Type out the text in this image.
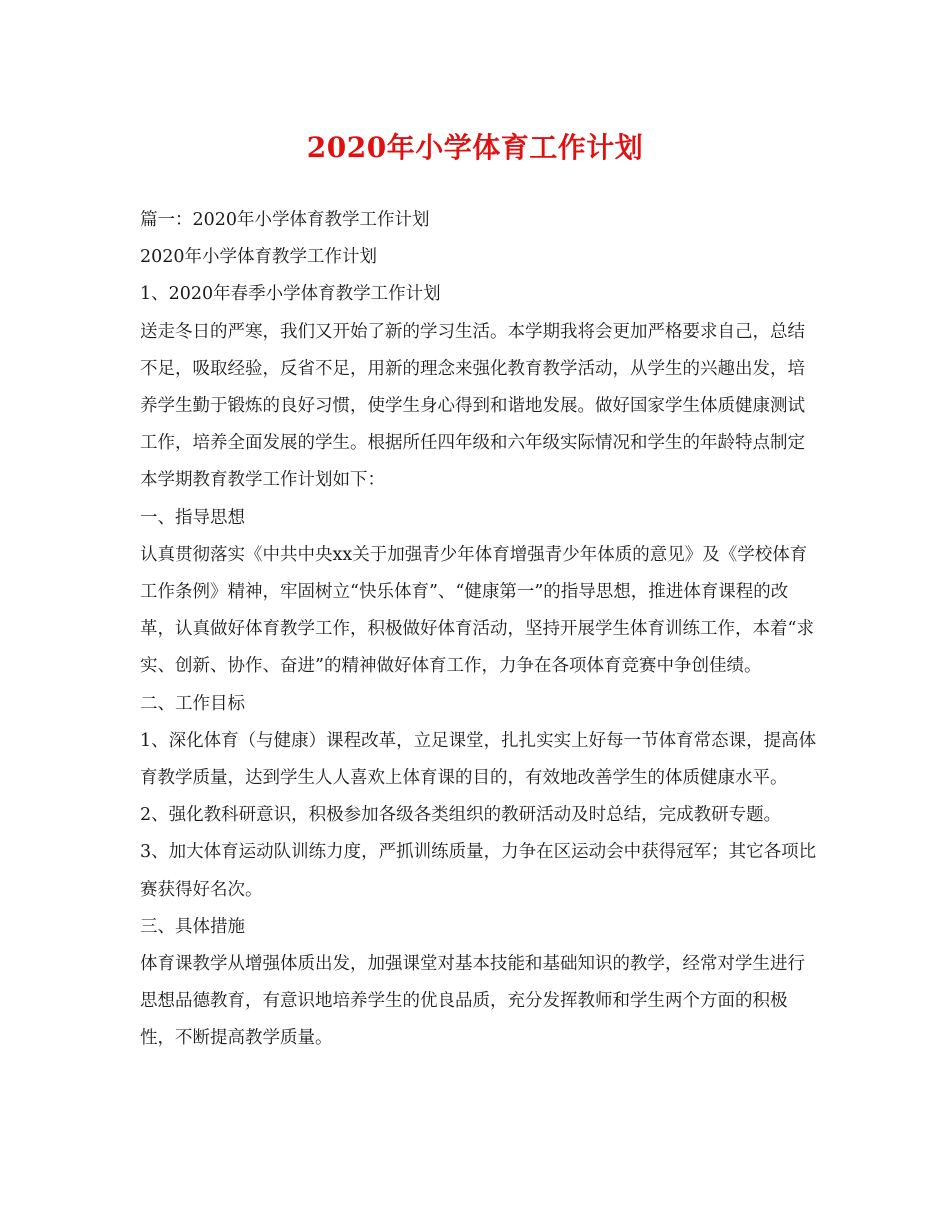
2020年小学体育工作计划

篇一：2020年小学体育教学工作计划

2020年小学体育教学工作计划

1、2020年春季小学体育教学工作计划

送走冬日的严寒，我们又开始了新的学习生活。本学期我将会更加严格要求自己，总结不足，吸取经验，反省不足，用新的理念来强化教育教学活动，从学生的兴趣出发，培养学生勤于锻炼的良好习惯，使学生身心得到和谐地发展。做好国家学生体质健康测试工作，培养全面发展的学生。根据所任四年级和六年级实际情况和学生的年龄特点制定本学期教育教学工作计划如下：

一、指导思想

认真贯彻落实《中共中央xx关于加强青少年体育增强青少年体质的意见》及《学校体育工作条例》精神，牢固树立“快乐体育”、“健康第一”的指导思想，推进体育课程的改革，认真做好体育教学工作，积极做好体育活动，坚持开展学生体育训练工作，本着“求实、创新、协作、奋进”的精神做好体育工作，力争在各项体育竞赛中争创佳绩。

二、工作目标

1、深化体育（与健康）课程改革，立足课堂，扎扎实实上好每一节体育常态课，提高体育教学质量，达到学生人人喜欢上体育课的目的，有效地改善学生的体质健康水平。

2、强化教科研意识，积极参加各级各类组织的教研活动及时总结，完成教研专题。

3、加大体育运动队训练力度，严抓训练质量，力争在区运动会中获得冠军；其它各项比赛获得好名次。

三、具体措施

体育课教学从增强体质出发，加强课堂对基本技能和基础知识的教学，经常对学生进行思想品德教育，有意识地培养学生的优良品质，充分发挥教师和学生两个方面的积极性，不断提高教学质量。
